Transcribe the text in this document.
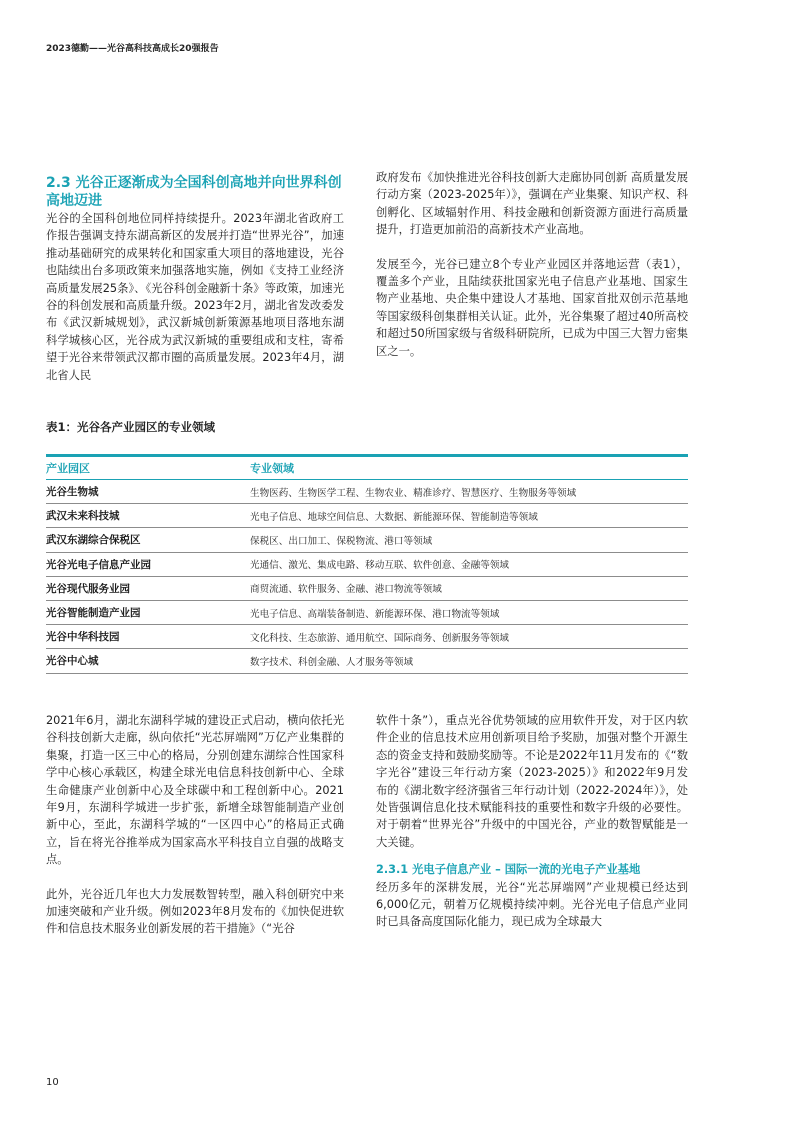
2023德勤——光谷高科技高成长20强报告
2.3 光谷正逐渐成为全国科创高地并向世界科创高地迈进

光谷的全国科创地位同样持续提升。2023年湖北省政府工作报告强调支持东湖高新区的发展并打造“世界光谷”，加速推动基础研究的成果转化和国家重大项目的落地建设，光谷也陆续出台多项政策来加强落地实施，例如《支持工业经济高质量发展25条》、《光谷科创金融新十条》等政策，加速光谷的科创发展和高质量升级。2023年2月，湖北省发改委发布《武汉新城规划》，武汉新城创新策源基地项目落地东湖科学城核心区，光谷成为武汉新城的重要组成和支柱，寄希望于光谷来带领武汉都市圈的高质量发展。2023年4月，湖北省人民

政府发布《加快推进光谷科技创新大走廊协同创新 高质量发展行动方案（2023-2025年）》，强调在产业集聚、知识产权、科创孵化、区域辐射作用、科技金融和创新资源方面进行高质量提升，打造更加前沿的高新技术产业高地。

发展至今，光谷已建立8个专业产业园区并落地运营（表1），覆盖多个产业，且陆续获批国家光电子信息产业基地、国家生物产业基地、央企集中建设人才基地、国家首批双创示范基地等国家级科创集群相关认证。此外，光谷集聚了超过40所高校和超过50所国家级与省级科研院所，已成为中国三大智力密集区之一。

表1：光谷各产业园区的专业领域
产业园区	专业领域
光谷生物城	生物医药、生物医学工程、生物农业、精准诊疗、智慧医疗、生物服务等领域
武汉未来科技城	光电子信息、地球空间信息、大数据、新能源环保、智能制造等领域
武汉东湖综合保税区	保税区、出口加工、保税物流、港口等领域
光谷光电子信息产业园	光通信、激光、集成电路、移动互联、软件创意、金融等领域
光谷现代服务业园	商贸流通、软件服务、金融、港口物流等领域
光谷智能制造产业园	光电子信息、高端装备制造、新能源环保、港口物流等领域
光谷中华科技园	文化科技、生态旅游、通用航空、国际商务、创新服务等领域
光谷中心城	数字技术、科创金融、人才服务等领域

2021年6月，湖北东湖科学城的建设正式启动，横向依托光谷科技创新大走廊，纵向依托“光芯屏端网”万亿产业集群的集聚，打造一区三中心的格局，分别创建东湖综合性国家科学中心核心承载区，构建全球光电信息科技创新中心、全球生命健康产业创新中心及全球碳中和工程创新中心。2021年9月，东湖科学城进一步扩张，新增全球智能制造产业创新中心，至此，东湖科学城的“一区四中心”的格局正式确立，旨在将光谷推举成为国家高水平科技自立自强的战略支点。

此外，光谷近几年也大力发展数智转型，融入科创研究中来加速突破和产业升级。例如2023年8月发布的《加快促进软件和信息技术服务业创新发展的若干措施》（“光谷

软件十条”），重点光谷优势领域的应用软件开发，对于区内软件企业的信息技术应用创新项目给予奖励，加强对整个开源生态的资金支持和鼓励奖励等。不论是2022年11月发布的《“数字光谷”建设三年行动方案（2023-2025）》和2022年9月发布的《湖北数字经济强省三年行动计划（2022-2024年）》，处处皆强调信息化技术赋能科技的重要性和数字升级的必要性。对于朝着“世界光谷”升级中的中国光谷，产业的数智赋能是一大关键。

2.3.1 光电子信息产业 – 国际一流的光电子产业基地

经历多年的深耕发展，光谷“光芯屏端网”产业规模已经达到6,000亿元，朝着万亿规模持续冲刺。光谷光电子信息产业同时已具备高度国际化能力，现已成为全球最大

10
